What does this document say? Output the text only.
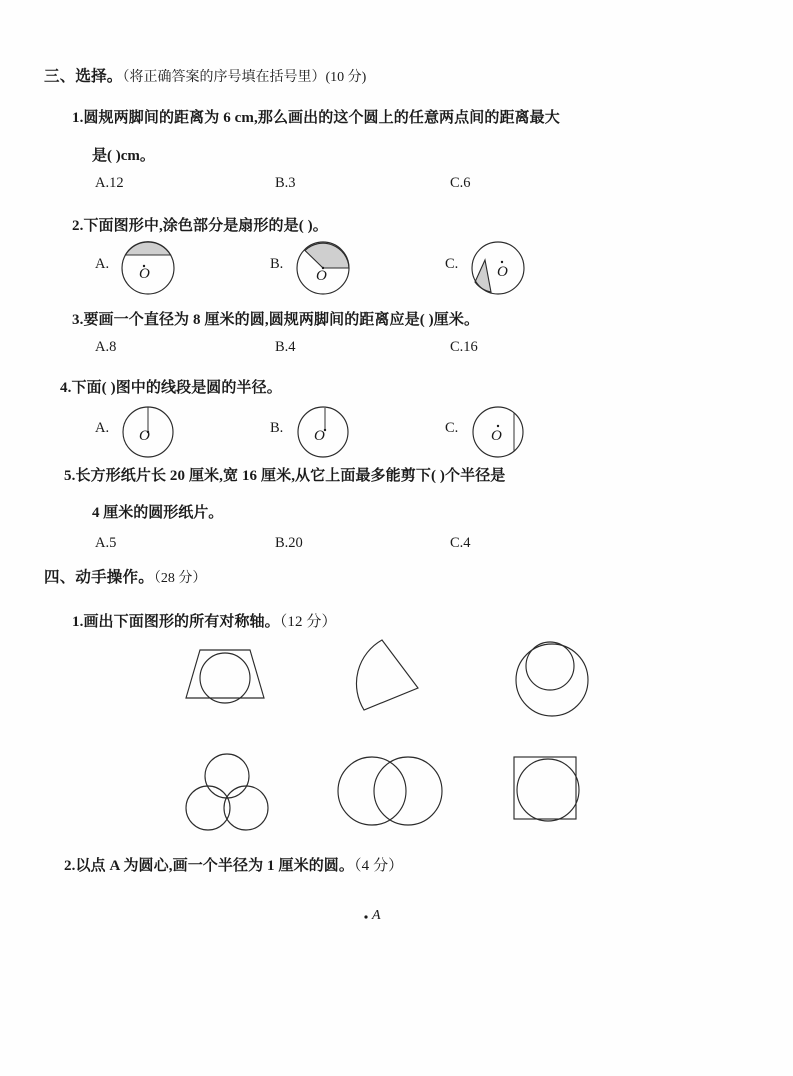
三、选择。（将正确答案的序号填在括号里）(10 分)
1.圆规两脚间的距离为 6 cm,那么画出的这个圆上的任意两点间的距离最大
是( )cm。
A.12	B.3	C.6
2.下面图形中,涂色部分是扇形的是( )。
A.
O
B.
O
C.	O
3.要画一个直径为 8 厘米的圆,圆规两脚间的距离应是( )厘米。
A.8	B.4	C.16
4.下面( )图中的线段是圆的半径。
A. O	B. O	C. O
5.长方形纸片长 20 厘米,宽 16 厘米,从它上面最多能剪下( )个半径是
4 厘米的圆形纸片。
A.5	B.20	C.4
四、动手操作。（28 分）
1.画出下面图形的所有对称轴。（12 分）
2.以点 A 为圆心,画一个半径为 1 厘米的圆。（4 分）
A
